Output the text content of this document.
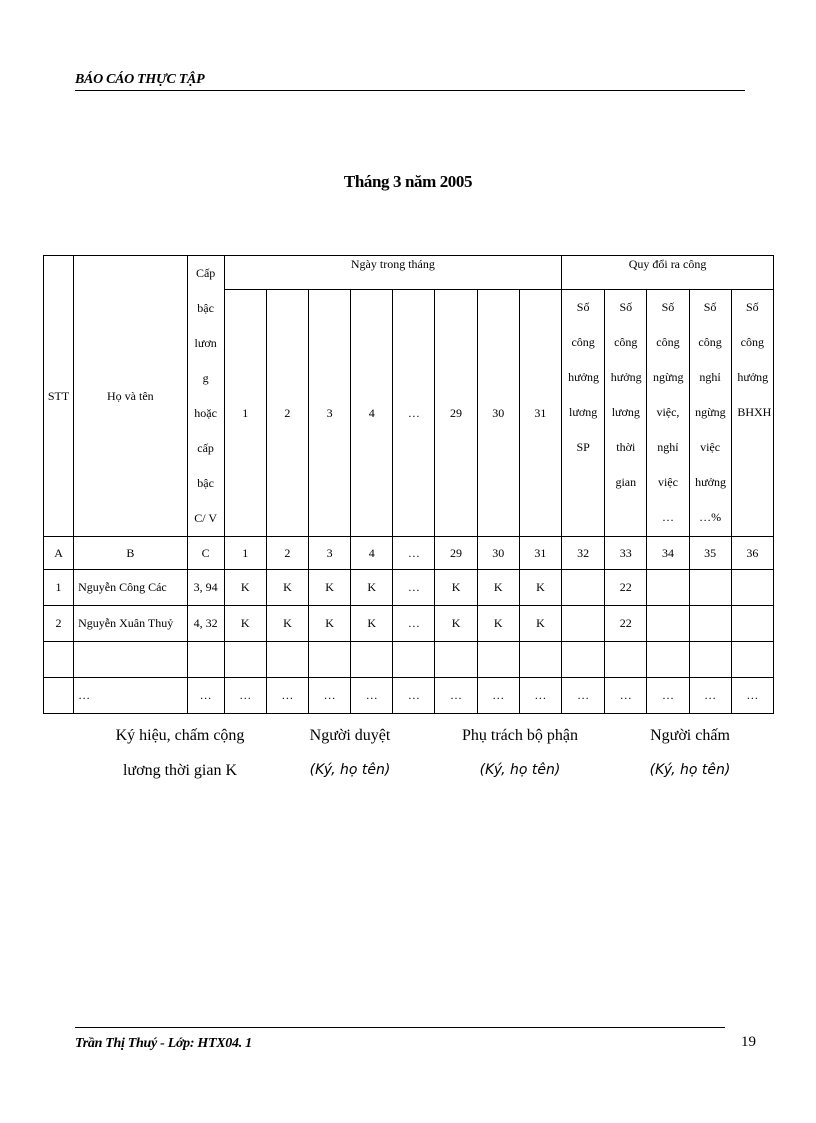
BÁO CÁO THỰC TẬP
Tháng 3 năm 2005
STT	Họ và tên	Cấp bậc lương hoặc cấp bậc C/ V	Ngày trong tháng								Quy đổi ra công				
			1	2	3	4	…	29	30	31	Số công hưởng lương SP	Số công hưởng lương thời gian	Số công ngừng việc, nghỉ việc …	Số công nghỉ ngừng việc hưởng …%	Số công hưởng BHXH

A	B	C	1	2	3	4	…	29	30	31	32	33	34	35	36
1	Nguyễn Công Các	3, 94	K	K	K	K	…	K	K	K		22			
2	Nguyễn Xuân Thuỷ	4, 32	K	K	K	K	…	K	K	K		22			

	…	…	…	…	…	…	…	…	…	…	…	…	…	…	…
Ký hiệu, chấm cộng
lương thời gian K
Người duyệt
(Ký, họ tên)
Phụ trách bộ phận
(Ký, họ tên)
Người chấm
(Ký, họ tên)
Trần Thị Thuý - Lớp: HTX04. 1	19
